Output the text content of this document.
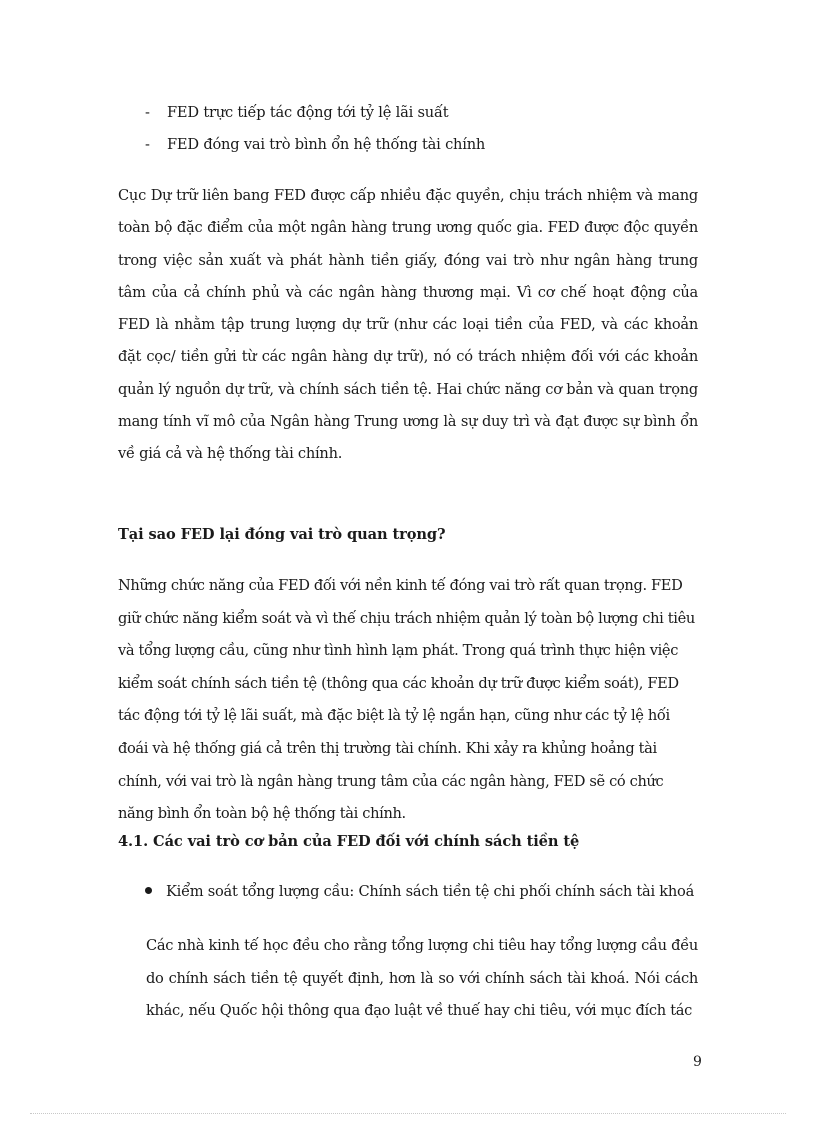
- FED trực tiếp tác động tới tỷ lệ lãi suất
- FED đóng vai trò bình ổn hệ thống tài chính
Cục Dự trữ liên bang FED được cấp nhiều đặc quyền, chịu trách nhiệm và mang toàn bộ đặc điểm của một ngân hàng trung ương quốc gia. FED được độc quyền trong việc sản xuất và phát hành tiền giấy, đóng vai trò như ngân hàng trung tâm của cả chính phủ và các ngân hàng thương mại. Vì cơ chế hoạt động của FED là nhằm tập trung lượng dự trữ (như các loại tiền của FED, và các khoản đặt cọc/ tiền gửi từ các ngân hàng dự trữ), nó có trách nhiệm đối với các khoản quản lý nguồn dự trữ, và chính sách tiền tệ. Hai chức năng cơ bản và quan trọng mang tính vĩ mô của Ngân hàng Trung ương là sự duy trì và đạt được sự bình ổn về giá cả và hệ thống tài chính.
Tại sao FED lại đóng vai trò quan trọng?
Những chức năng của FED đối với nền kinh tế đóng vai trò rất quan trọng. FED giữ chức năng kiểm soát và vì thế chịu trách nhiệm quản lý toàn bộ lượng chi tiêu và tổng lượng cầu, cũng như tình hình lạm phát. Trong quá trình thực hiện việc kiểm soát chính sách tiền tệ (thông qua các khoản dự trữ được kiểm soát), FED tác động tới tỷ lệ lãi suất, mà đặc biệt là tỷ lệ ngắn hạn, cũng như các tỷ lệ hối đoái và hệ thống giá cả trên thị trường tài chính. Khi xảy ra khủng hoảng tài chính, với vai trò là ngân hàng trung tâm của các ngân hàng, FED sẽ có chức năng bình ổn toàn bộ hệ thống tài chính.
4.1. Các vai trò cơ bản của FED đối với chính sách tiền tệ
Kiểm soát tổng lượng cầu: Chính sách tiền tệ chi phối chính sách tài khoá
Các nhà kinh tế học đều cho rằng tổng lượng chi tiêu hay tổng lượng cầu đều do chính sách tiền tệ quyết định, hơn là so với chính sách tài khoá. Nói cách khác, nếu Quốc hội thông qua đạo luật về thuế hay chi tiêu, với mục đích tác
9
